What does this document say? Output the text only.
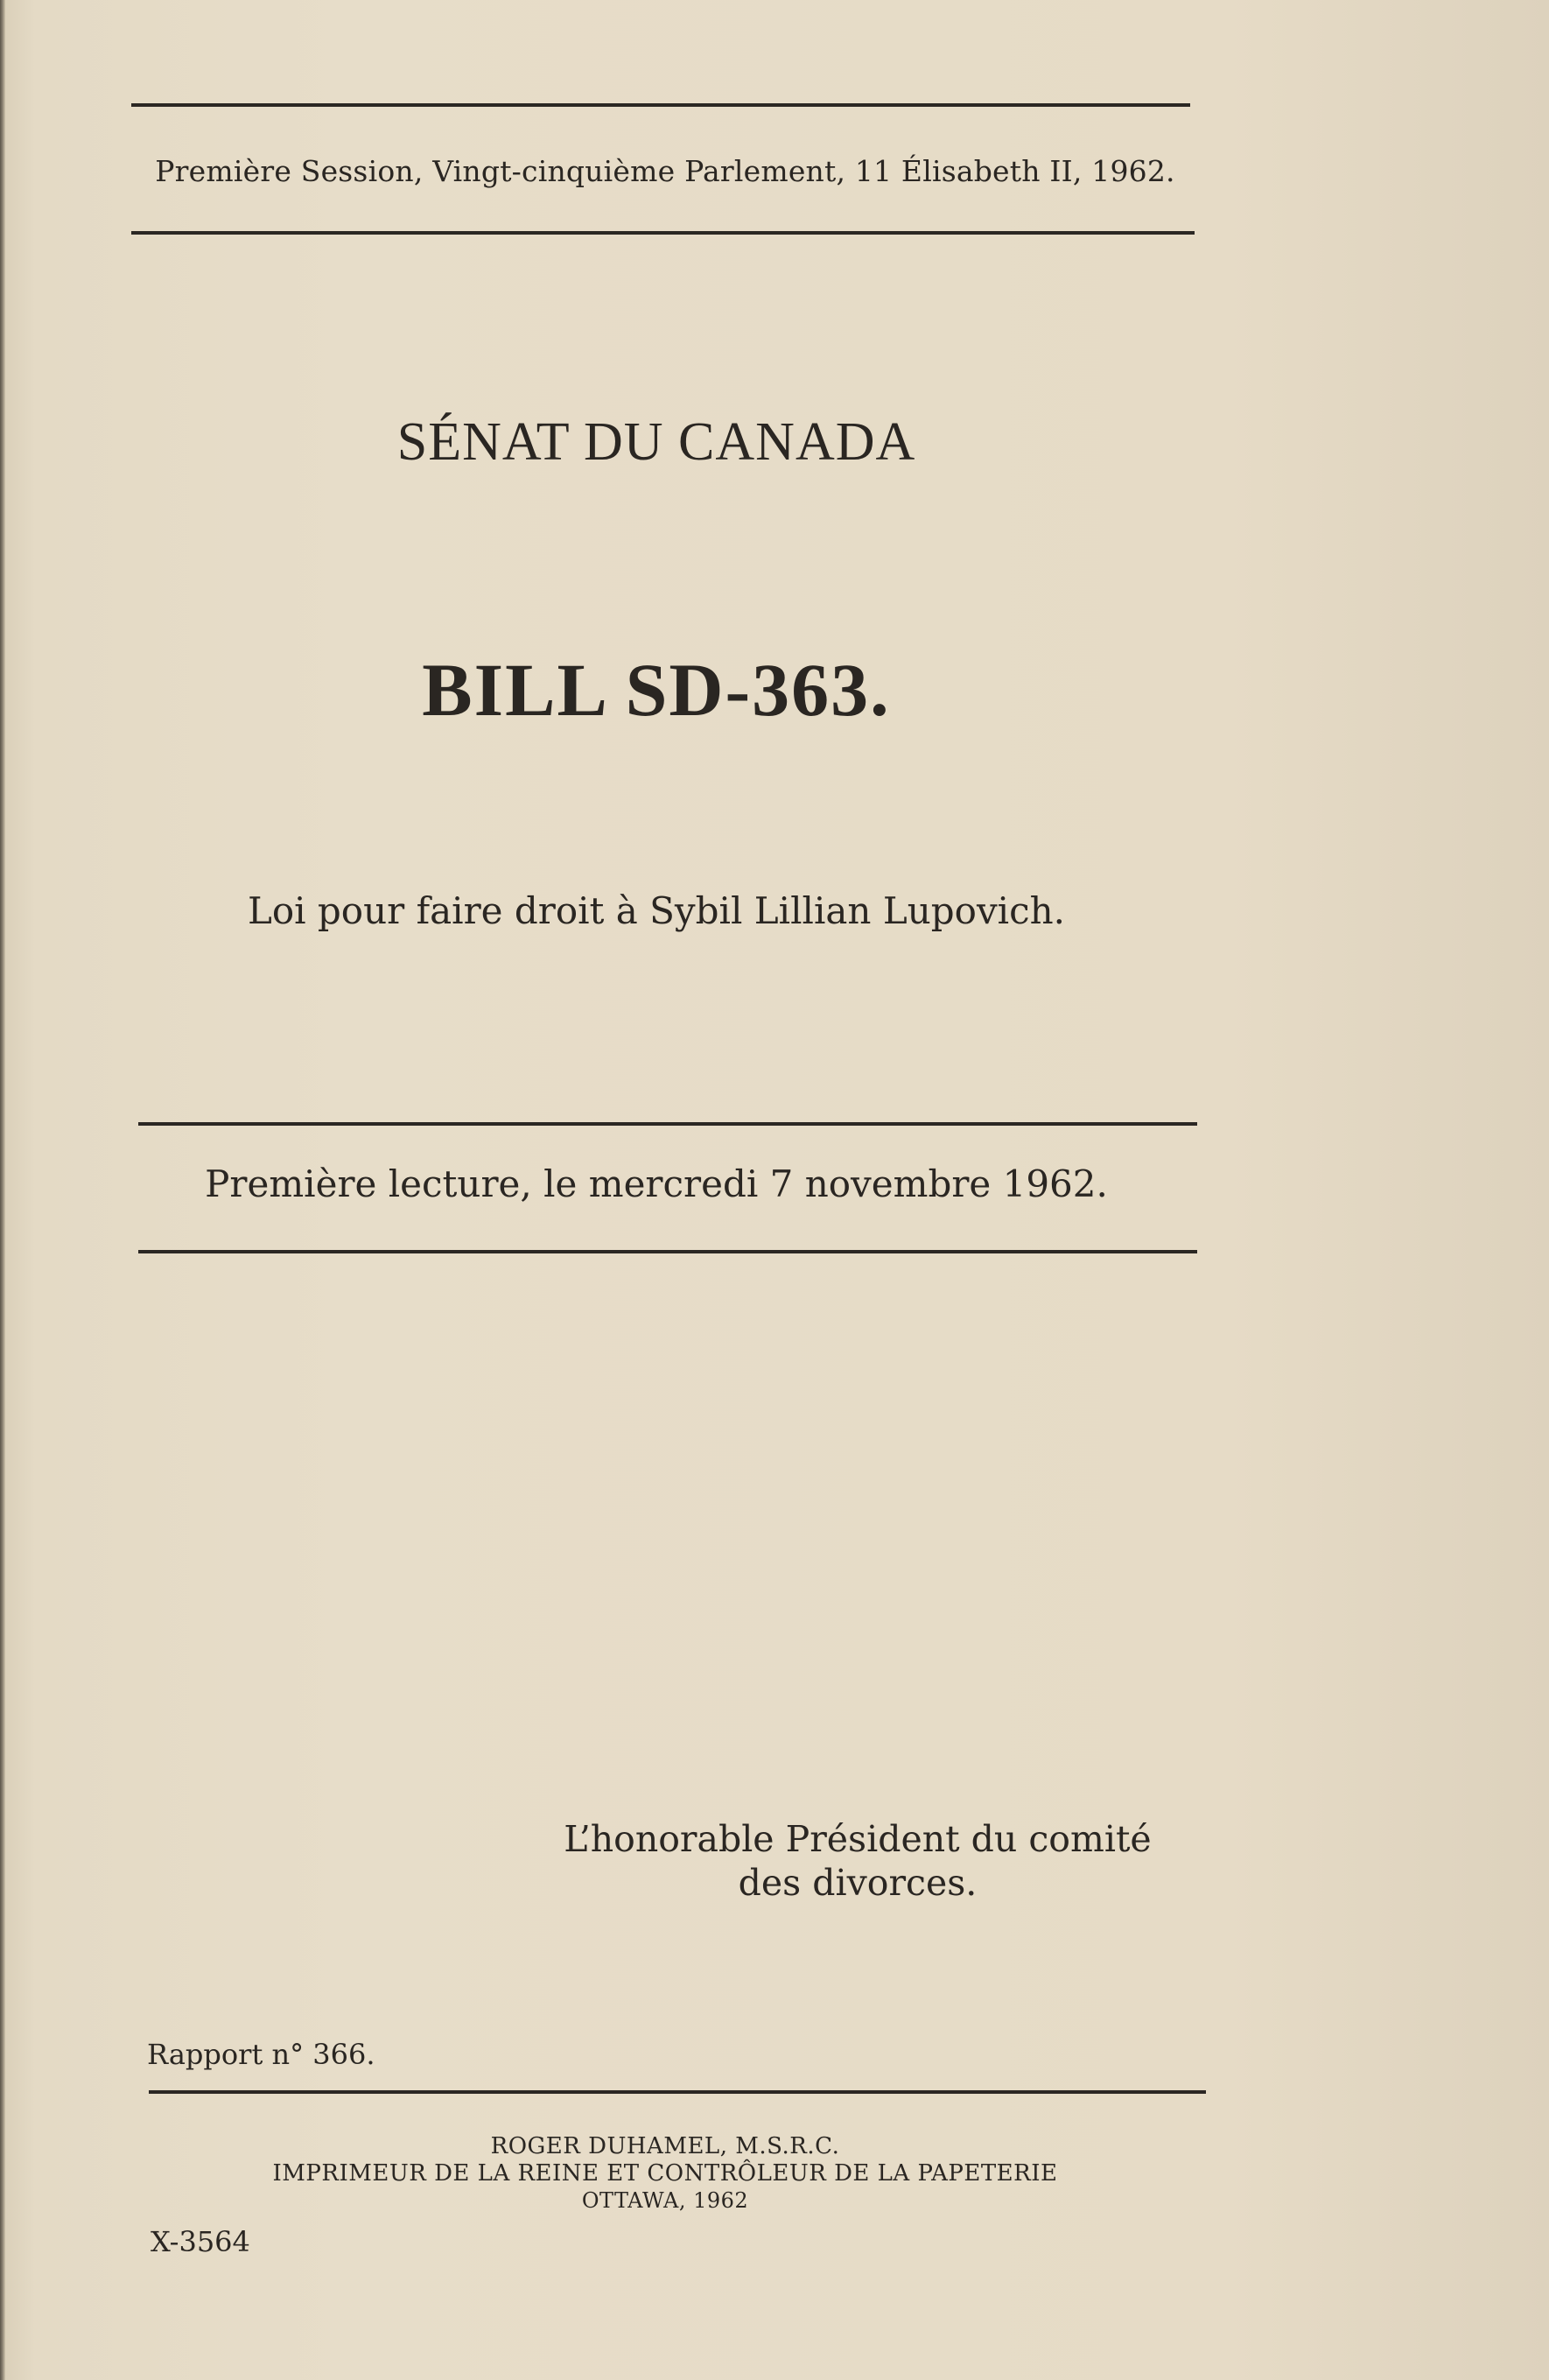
Première Session, Vingt-cinquième Parlement, 11 Élisabeth II, 1962.
SÉNAT DU CANADA
BILL SD-363.
Loi pour faire droit à Sybil Lillian Lupovich.
Première lecture, le mercredi 7 novembre 1962.
L’honorable Président du comité
des divorces.
Rapport n° 366.
ROGER DUHAMEL, M.S.R.C.
IMPRIMEUR DE LA REINE ET CONTRÔLEUR DE LA PAPETERIE
OTTAWA, 1962
X-3564
